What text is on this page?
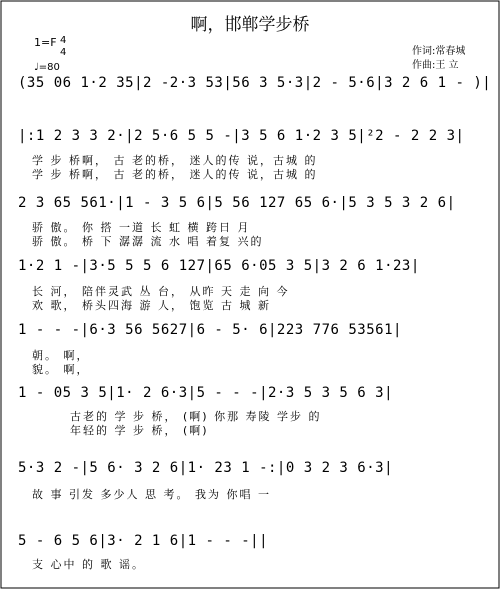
啊，邯郸学步桥
作词:常春城
作曲:王 立
1=F 4
4
♩=80
(35 06 1·2 35|2 -2·3 53|56 3 5·3|2 - 5·6|3 2 6 1 - )|
|:1 2 3 3 2·|2 5·6 5 5 -|3 5 6 1·2 3 5|²2 - 2 2 3|
学 步 桥啊， 古 老的桥， 迷人的传 说，古城 的
学 步 桥啊， 古 老的桥， 迷人的传 说，古城 的
2 3 65 561·|1 - 3 5 6|5 56 127 65 6·|5 3 5 3 2 6|
骄 傲。 你 搭 一道 长 虹 横 跨日 月
骄 傲。 桥 下 潺潺 流 水 唱 着复 兴的
1·2 1 -|3·5 5 5 6 127|65 6·05 3 5|3 2 6 1·23|
长 河， 陪伴灵武 丛 台， 从昨 天 走 向 今
欢 歌， 桥头四海 游 人， 饱览 古 城 新
1 - - -|6·3 56 5627|6 - 5· 6|223 776 53561|
朝。 啊，
貌。 啊，
1 - 05 3 5|1· 2 6·3|5 - - -|2·3 5 3 5 6 3|
古老的 学 步 桥， (啊) 你那 寿陵 学步 的
年轻的 学 步 桥， (啊)
5·3 2 -|5 6· 3 2 6|1· 23 1 -:|0 3 2 3 6·3|
故 事 引发 多少人 思 考。 我为 你唱 一
5 - 6 5 6|3· 2 1 6|1 - - -||
支 心中 的 歌 谣。
